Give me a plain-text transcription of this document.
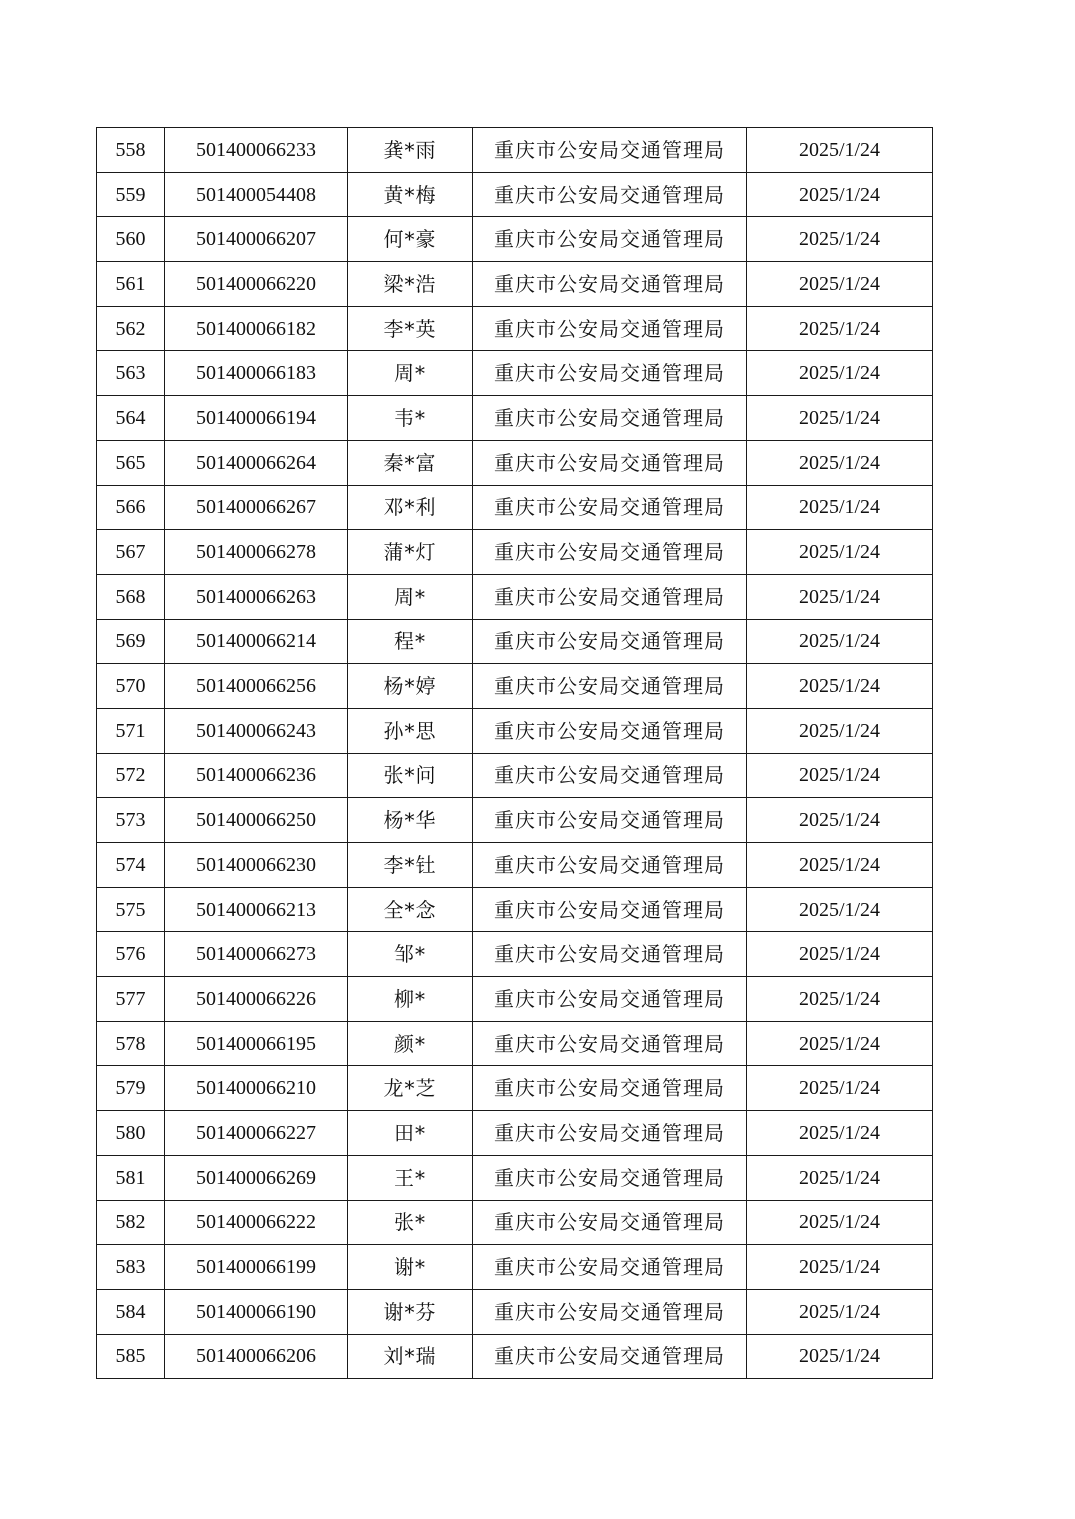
558	501400066233	龚*雨	重庆市公安局交通管理局	2025/1/24
559	501400054408	黄*梅	重庆市公安局交通管理局	2025/1/24
560	501400066207	何*豪	重庆市公安局交通管理局	2025/1/24
561	501400066220	梁*浩	重庆市公安局交通管理局	2025/1/24
562	501400066182	李*英	重庆市公安局交通管理局	2025/1/24
563	501400066183	周*	重庆市公安局交通管理局	2025/1/24
564	501400066194	韦*	重庆市公安局交通管理局	2025/1/24
565	501400066264	秦*富	重庆市公安局交通管理局	2025/1/24
566	501400066267	邓*利	重庆市公安局交通管理局	2025/1/24
567	501400066278	蒲*灯	重庆市公安局交通管理局	2025/1/24
568	501400066263	周*	重庆市公安局交通管理局	2025/1/24
569	501400066214	程*	重庆市公安局交通管理局	2025/1/24
570	501400066256	杨*婷	重庆市公安局交通管理局	2025/1/24
571	501400066243	孙*思	重庆市公安局交通管理局	2025/1/24
572	501400066236	张*问	重庆市公安局交通管理局	2025/1/24
573	501400066250	杨*华	重庆市公安局交通管理局	2025/1/24
574	501400066230	李*钍	重庆市公安局交通管理局	2025/1/24
575	501400066213	全*念	重庆市公安局交通管理局	2025/1/24
576	501400066273	邹*	重庆市公安局交通管理局	2025/1/24
577	501400066226	柳*	重庆市公安局交通管理局	2025/1/24
578	501400066195	颜*	重庆市公安局交通管理局	2025/1/24
579	501400066210	龙*芝	重庆市公安局交通管理局	2025/1/24
580	501400066227	田*	重庆市公安局交通管理局	2025/1/24
581	501400066269	王*	重庆市公安局交通管理局	2025/1/24
582	501400066222	张*	重庆市公安局交通管理局	2025/1/24
583	501400066199	谢*	重庆市公安局交通管理局	2025/1/24
584	501400066190	谢*芬	重庆市公安局交通管理局	2025/1/24
585	501400066206	刘*瑞	重庆市公安局交通管理局	2025/1/24
